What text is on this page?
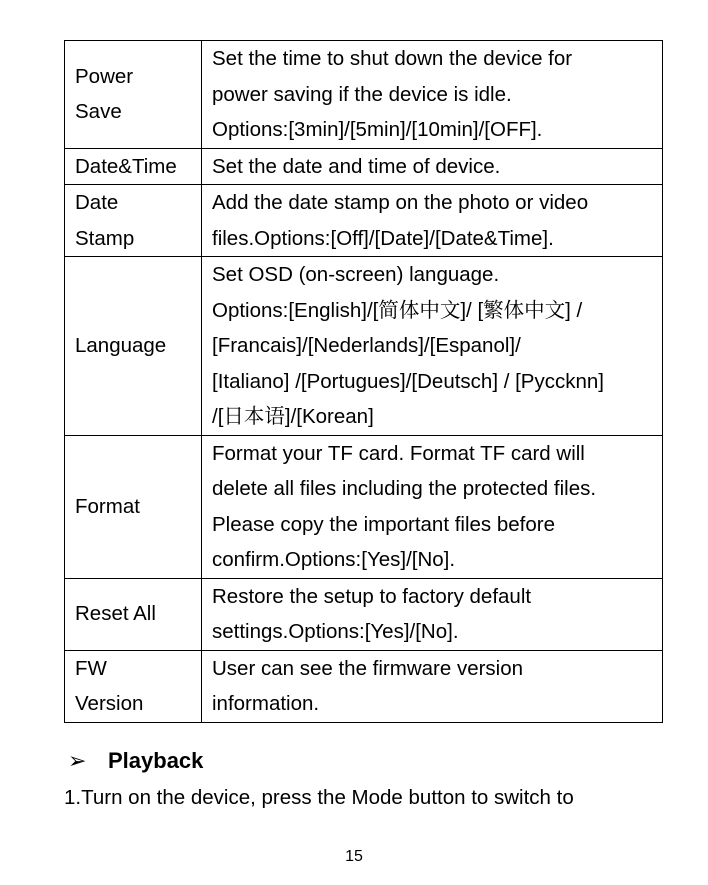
Power
Save	Set the time to shut down the device for
power saving if the device is idle.
Options:[3min]/[5min]/[10min]/[OFF].

Date&Time	Set the date and time of device.

Date
Stamp	Add the date stamp on the photo or video
files.Options:[Off]/[Date]/[Date&Time].

Language	Set OSD (on-screen) language.
Options:[English]/[简体中文]/ [繁体中文] /
[Francais]/[Nederlands]/[Espanol]/
[Italiano] /[Portugues]/[Deutsch] / [Pyccknn]
/[日本语]/[Korean]

Format	Format your TF card. Format TF card will
delete all files including the protected files.
Please copy the important files before
confirm.Options:[Yes]/[No].

Reset All	Restore the setup to factory default
settings.Options:[Yes]/[No].

FW
Version	User can see the firmware version
information.
➢ Playback
1.Turn on the device, press the Mode button to switch to
15
